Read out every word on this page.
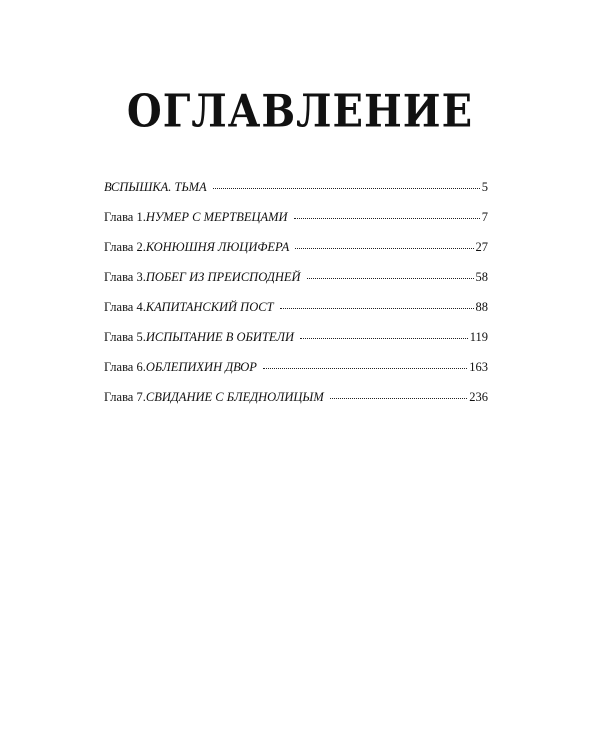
ОГЛАВЛЕНИЕ
ВСПЫШКА. ТЬМА	5
Глава 1. НУМЕР С МЕРТВЕЦАМИ	7
Глава 2. КОНЮШНЯ ЛЮЦИФЕРА	27
Глава 3. ПОБЕГ ИЗ ПРЕИСПОДНЕЙ	58
Глава 4. КАПИТАНСКИЙ ПОСТ	88
Глава 5. ИСПЫТАНИЕ В ОБИТЕЛИ	119
Глава 6. ОБЛЕПИХИН ДВОР	163
Глава 7. СВИДАНИЕ С БЛЕДНОЛИЦЫМ	236
